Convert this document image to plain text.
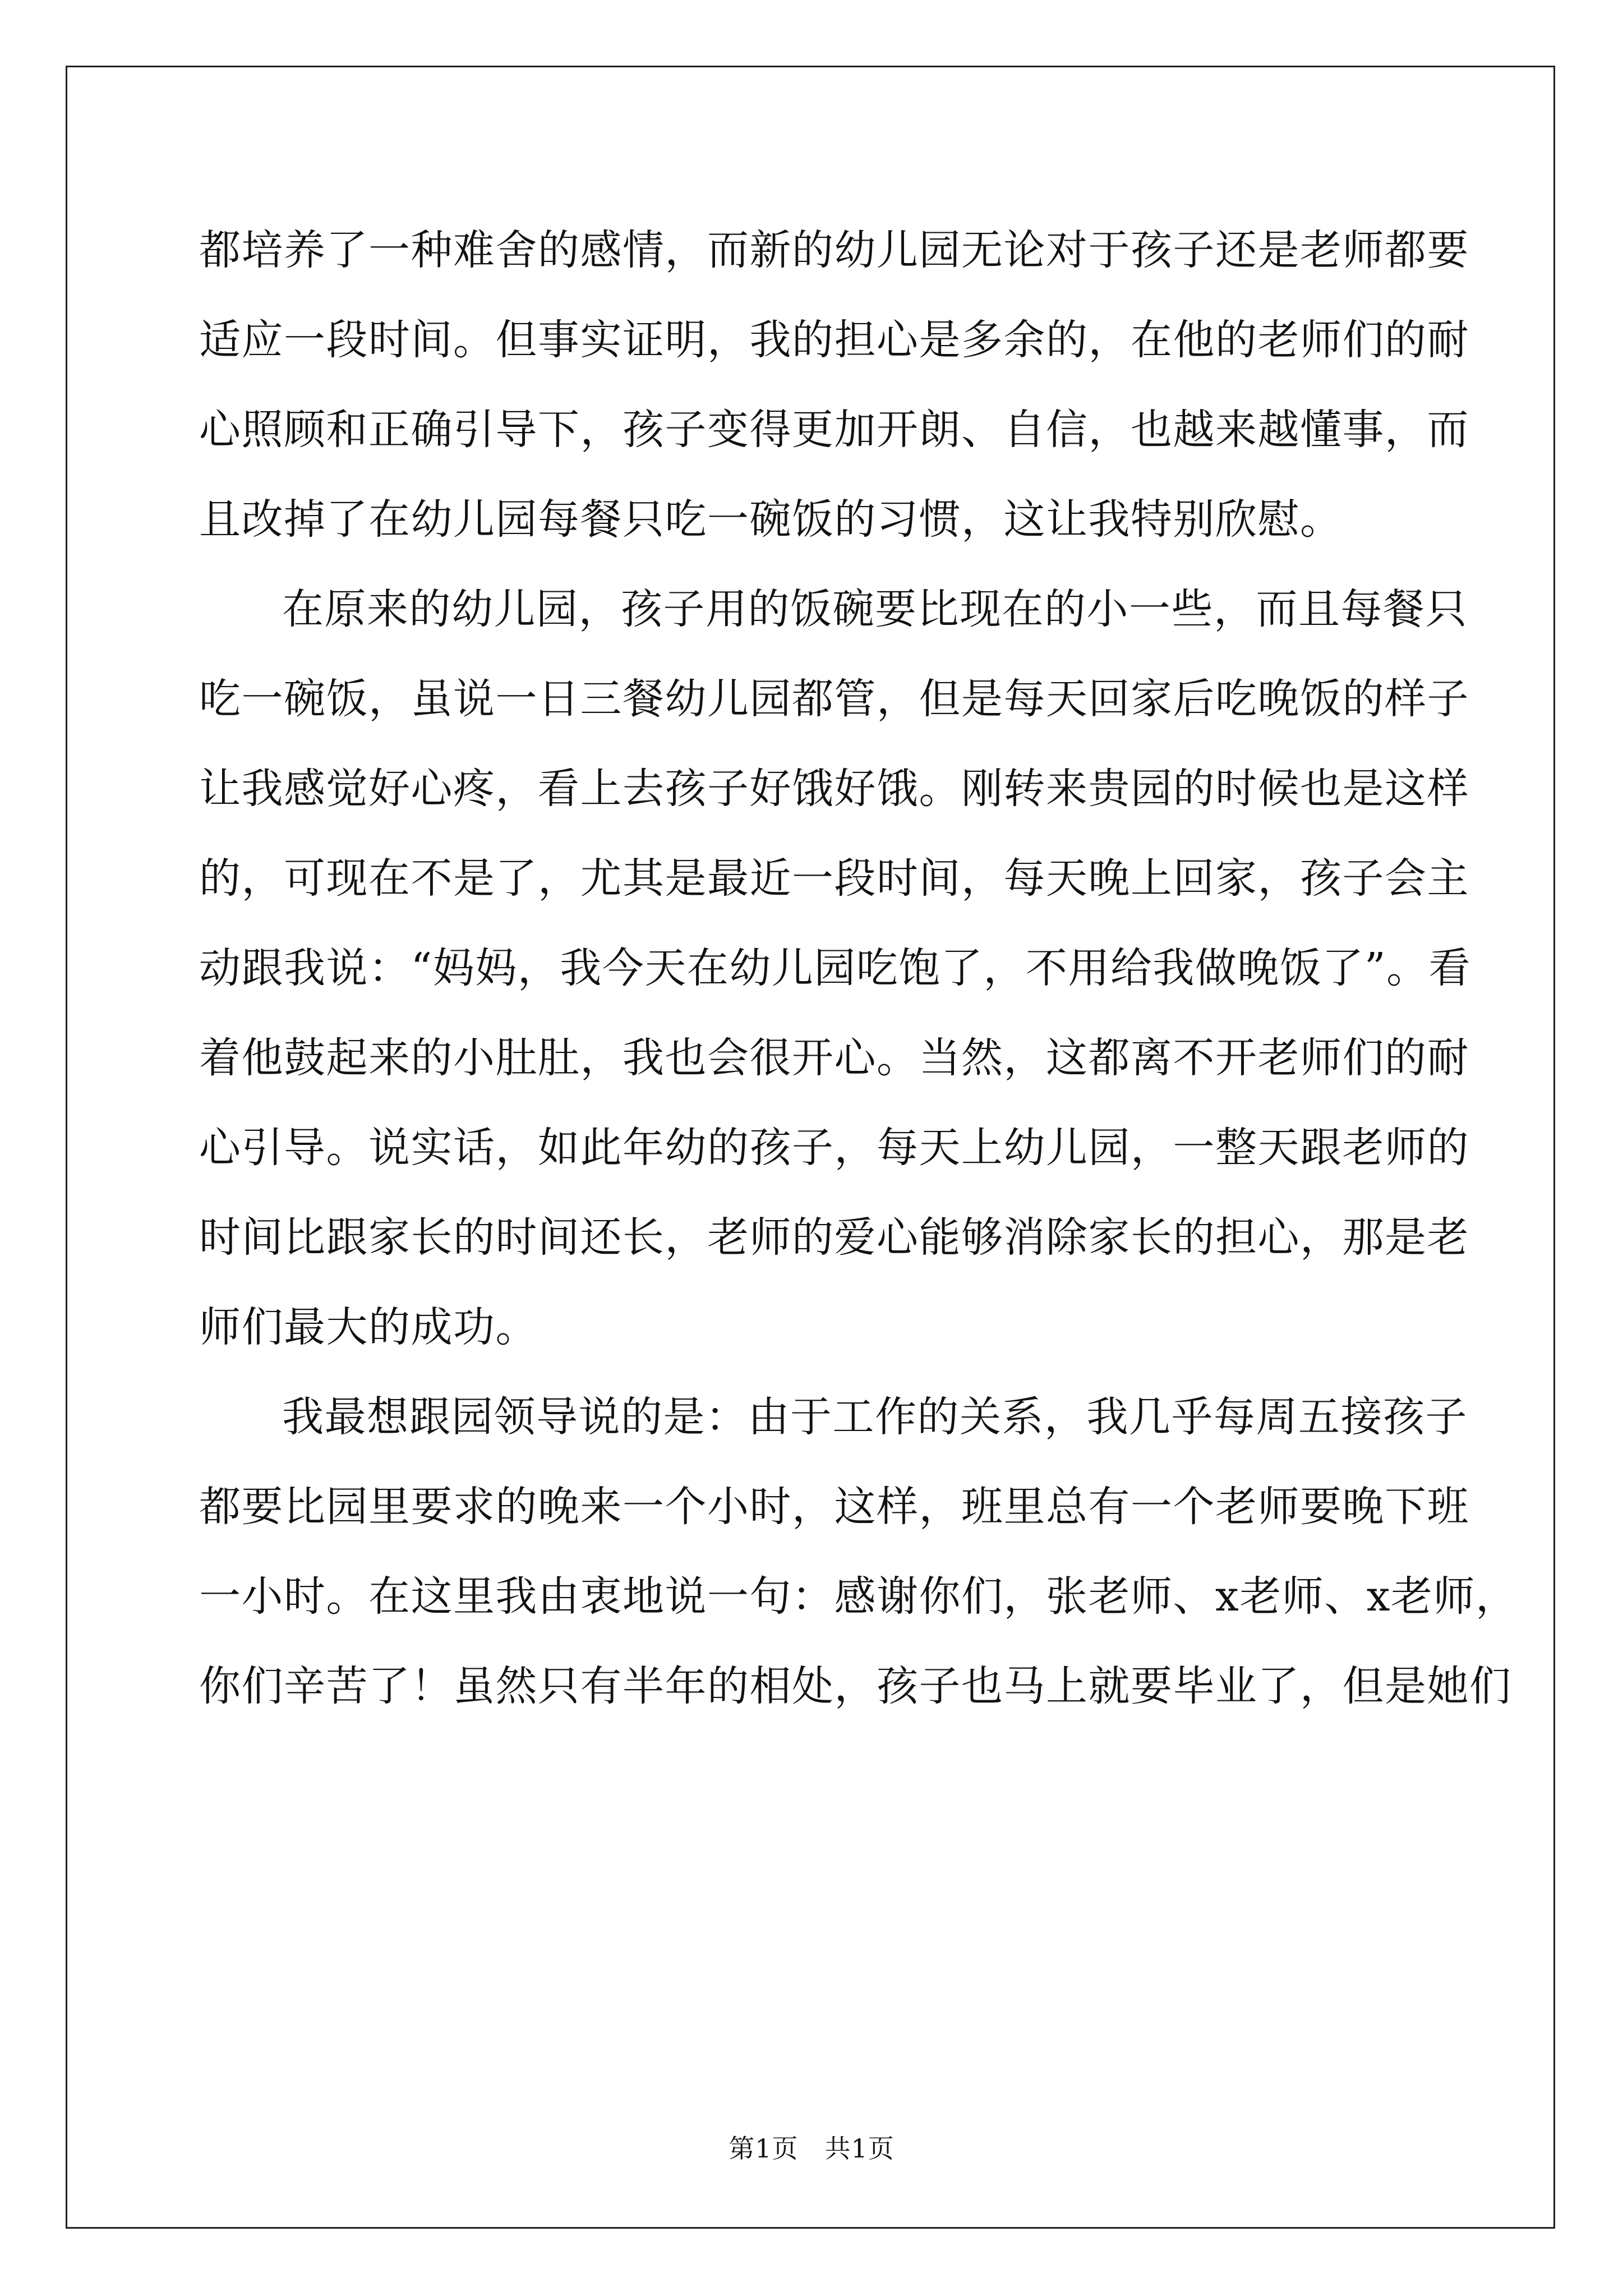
都培养了一种难舍的感情，而新的幼儿园无论对于孩子还是老师都要
适应一段时间。但事实证明，我的担心是多余的，在他的老师们的耐
心照顾和正确引导下，孩子变得更加开朗、自信，也越来越懂事，而
且改掉了在幼儿园每餐只吃一碗饭的习惯，这让我特别欣慰。
在原来的幼儿园，孩子用的饭碗要比现在的小一些，而且每餐只
吃一碗饭，虽说一日三餐幼儿园都管，但是每天回家后吃晚饭的样子
让我感觉好心疼，看上去孩子好饿好饿。刚转来贵园的时候也是这样
的，可现在不是了，尤其是最近一段时间，每天晚上回家，孩子会主
动跟我说：“妈妈，我今天在幼儿园吃饱了，不用给我做晚饭了”。看
着他鼓起来的小肚肚，我也会很开心。当然，这都离不开老师们的耐
心引导。说实话，如此年幼的孩子，每天上幼儿园，一整天跟老师的
时间比跟家长的时间还长，老师的爱心能够消除家长的担心，那是老
师们最大的成功。
我最想跟园领导说的是：由于工作的关系，我几乎每周五接孩子
都要比园里要求的晚来一个小时，这样，班里总有一个老师要晚下班
一小时。在这里我由衷地说一句：感谢你们，张老师、x老师、x老师，
你们辛苦了！虽然只有半年的相处，孩子也马上就要毕业了，但是她们
第1页　共1页
